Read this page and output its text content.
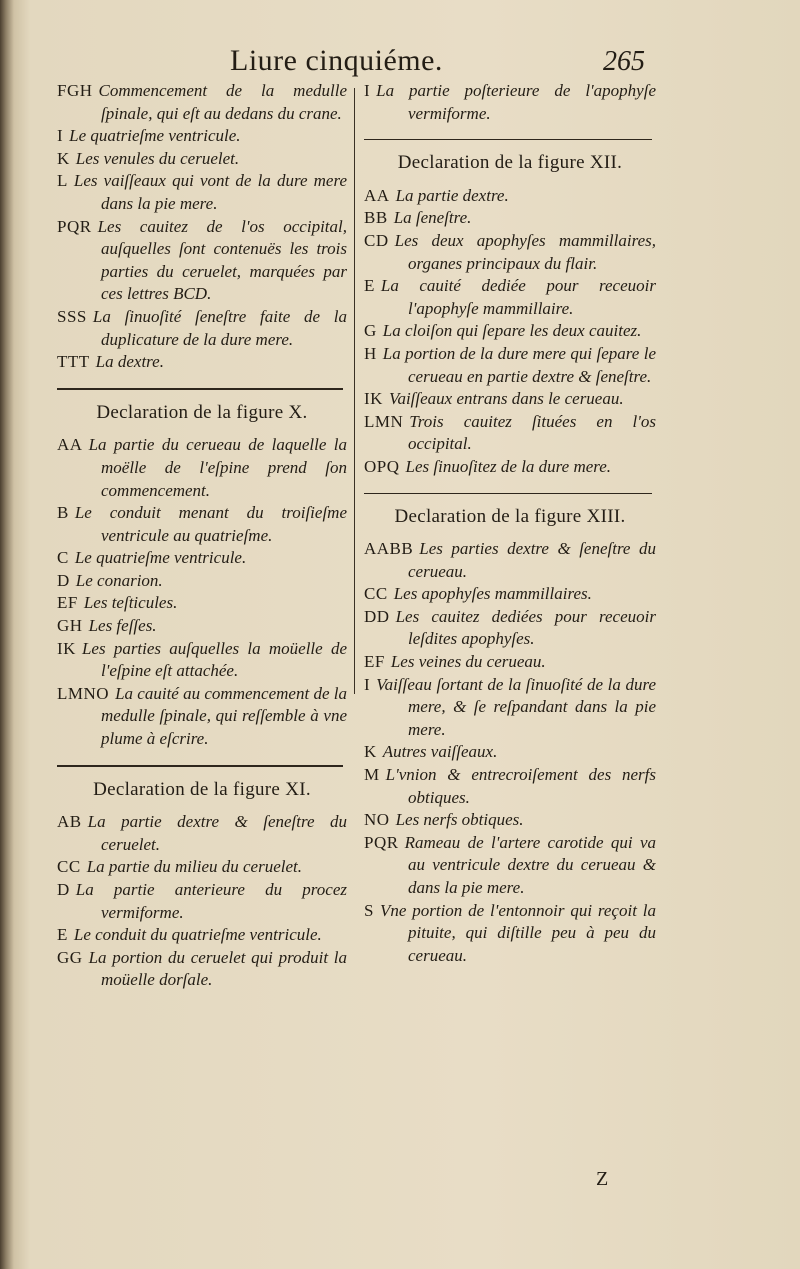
Liure cinquiéme.	265

FGH Commencement de la medulle ſpinale, qui eſt au dedans du crane.

I Le quatrieſme ventricule.

K Les venules du ceruelet.

L Les vaiſſeaux qui vont de la dure mere dans la pie mere.

PQR Les cauitez de l'os occipital, auſquelles ſont contenuës les trois parties du ceruelet, marquées par ces lettres BCD.

SSS La ſinuoſité ſeneſtre faite de la duplicature de la dure mere.

TTT La dextre.

Declaration de la figure X.

AA La partie du cerueau de laquelle la moëlle de l'eſpine prend ſon commencement.

B Le conduit menant du troiſieſme ventricule au quatrieſme.

C Le quatrieſme ventricule.

D Le conarion.

EF Les teſticules.

GH Les feſſes.

IK Les parties auſquelles la moüelle de l'eſpine eſt attachée.

LMNO La cauité au commencement de la medulle ſpinale, qui reſſemble à vne plume à eſcrire.

Declaration de la figure XI.

AB La partie dextre & ſeneſtre du ceruelet.

CC La partie du milieu du ceruelet.

D La partie anterieure du procez vermiforme.

E Le conduit du quatrieſme ventricule.

GG La portion du ceruelet qui produit la moüelle dorſale.

I La partie poſterieure de l'apophyſe vermiforme.

Declaration de la figure XII.

AA La partie dextre.

BB La ſeneſtre.

CD Les deux apophyſes mammillaires, organes principaux du flair.

E La cauité dediée pour receuoir l'apophyſe mammillaire.

G La cloiſon qui ſepare les deux cauitez.

H La portion de la dure mere qui ſepare le cerueau en partie dextre & ſeneſtre.

IK Vaiſſeaux entrans dans le cerueau.

LMN Trois cauitez ſituées en l'os occipital.

OPQ Les ſinuoſitez de la dure mere.

Declaration de la figure XIII.

AABB Les parties dextre & ſeneſtre du cerueau.

CC Les apophyſes mammillaires.

DD Les cauitez dediées pour receuoir leſdites apophyſes.

EF Les veines du cerueau.

I Vaiſſeau ſortant de la ſinuoſité de la dure mere, & ſe reſpandant dans la pie mere.

K Autres vaiſſeaux.

M L'vnion & entrecroiſement des nerfs obtiques.

NO Les nerfs obtiques.

PQR Rameau de l'artere carotide qui va au ventricule dextre du cerueau & dans la pie mere.

S Vne portion de l'entonnoir qui reçoit la pituite, qui diſtille peu à peu du cerueau.

Z
